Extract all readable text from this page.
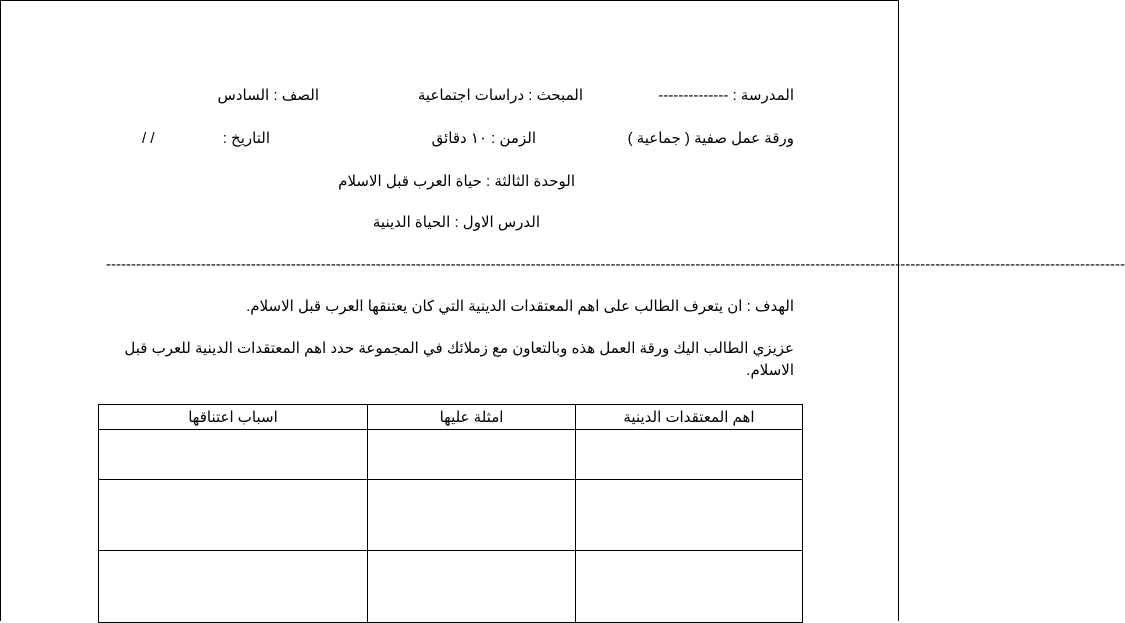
المدرسة : --------------
المبحث : دراسات اجتماعية
الصف : السادس
ورقة عمل صفية ( جماعية )
الزمن : ١٠ دقائق
التاريخ :
/ /
الوحدة الثالثة : حياة العرب قبل الاسلام
الدرس الاول : الحياة الدينية
------------------------------------------------------------------------------------------------------------------------------------------------------------------------------------------------------------
الهدف : ان يتعرف الطالب على اهم المعتقدات الدينية التي كان يعتنقها العرب قبل الاسلام.
عزيزي الطالب اليك ورقة العمل هذه وبالتعاون مع زملائك في المجموعة حدد اهم المعتقدات الدينية للعرب قبل الاسلام.
اهم المعتقدات الدينية	امثلة عليها	اسباب اعتناقها
